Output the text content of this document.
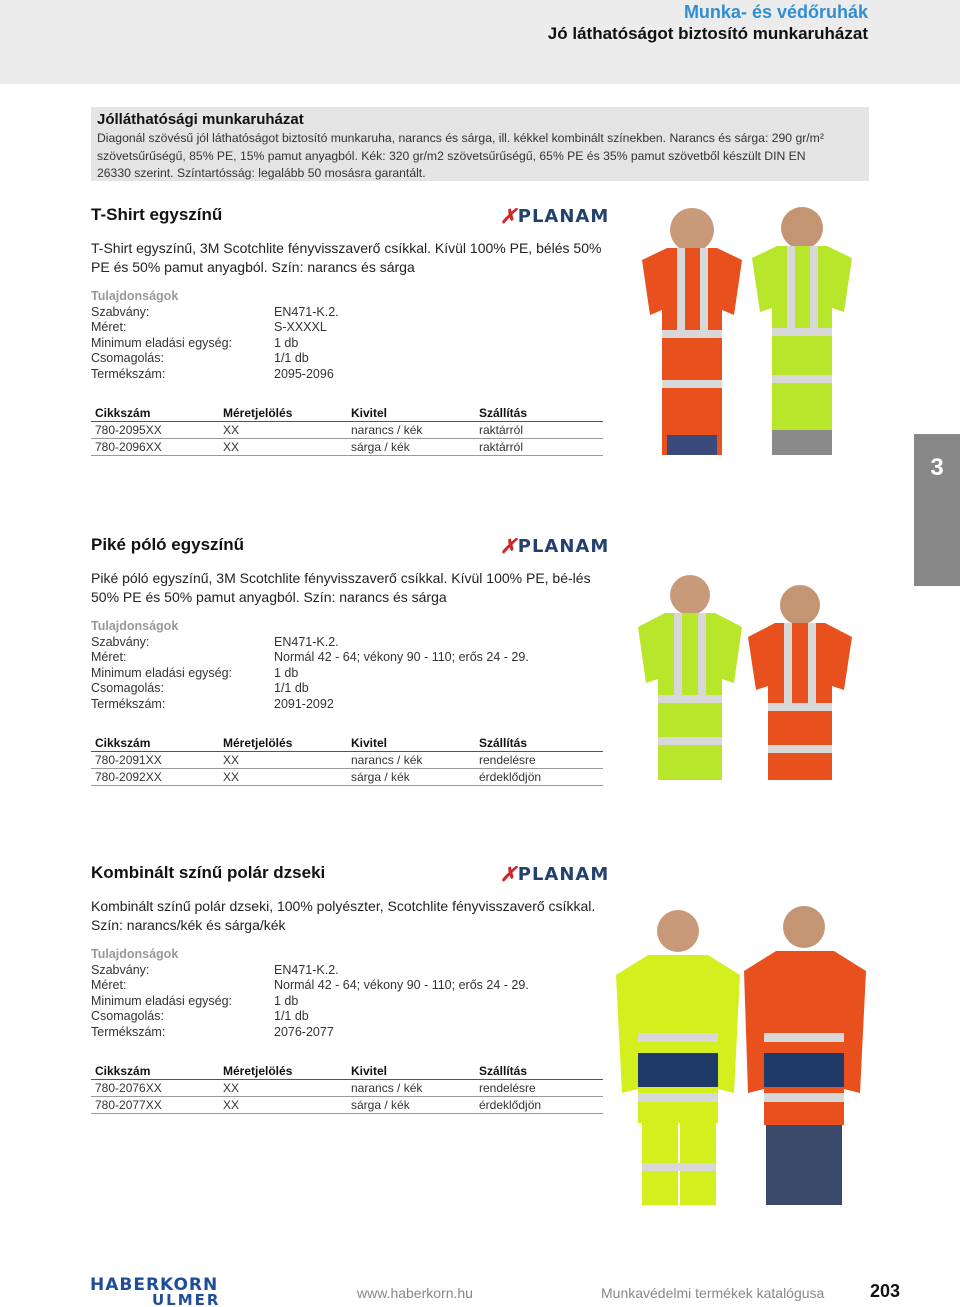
Munka- és védőruhák
Jó láthatóságot biztosító munkaruházat
Jólláthatósági munkaruházat

Diagonál szövésű jól láthatóságot biztosító munkaruha, narancs és sárga, ill. kékkel kombinált színekben. Narancs és sárga: 290 gr/m²

szövetsűrűségű, 85% PE, 15% pamut anyagból. Kék: 320 gr/m2 szövetsűrűségű, 65% PE és 35% pamut szövetből készült DIN EN

26330 szerint. Színtartósság: legalább 50 mosásra garantált.

T-Shirt egyszínű	✗ PLANAM
T-Shirt egyszínű, 3M Scotchlite fényvisszaverő csíkkal. Kívül 100% PE, bélés 50% PE és 50% pamut anyagból. Szín: narancs és sárga
Tulajdonságok
Szabvány:	EN471-K.2.
Méret:	S-XXXXL
Minimum eladási egység:	1 db
Csomagolás:	1/1 db
Termékszám:	2095-2096
Cikkszám	Méretjelölés	Kivitel	Szállítás
780-2095XX	XX	narancs / kék	raktárról
780-2096XX	XX	sárga / kék	raktárról
3
Piké póló egyszínű	✗ PLANAM
Piké póló egyszínű, 3M Scotchlite fényvisszaverő csíkkal. Kívül 100% PE, bé-lés 50% PE és 50% pamut anyagból. Szín: narancs és sárga
Tulajdonságok
Szabvány:	EN471-K.2.
Méret:	Normál 42 - 64; vékony 90 - 110; erős 24 - 29.
Minimum eladási egység:	1 db
Csomagolás:	1/1 db
Termékszám:	2091-2092
Cikkszám	Méretjelölés	Kivitel	Szállítás
780-2091XX	XX	narancs / kék	rendelésre
780-2092XX	XX	sárga / kék	érdeklődjön
Kombinált színű polár dzseki	✗ PLANAM
Kombinált színű polár dzseki, 100% polyészter, Scotchlite fényvisszaverő csíkkal. Szín: narancs/kék és sárga/kék
Tulajdonságok
Szabvány:	EN471-K.2.
Méret:	Normál 42 - 64; vékony 90 - 110; erős 24 - 29.
Minimum eladási egység:	1 db
Csomagolás:	1/1 db
Termékszám:	2076-2077
Cikkszám	Méretjelölés	Kivitel	Szállítás
780-2076XX	XX	narancs / kék	rendelésre
780-2077XX	XX	sárga / kék	érdeklődjön
HABERKORN
ULMER	www.haberkorn.hu	Munkavédelmi termékek katalógusa	203
